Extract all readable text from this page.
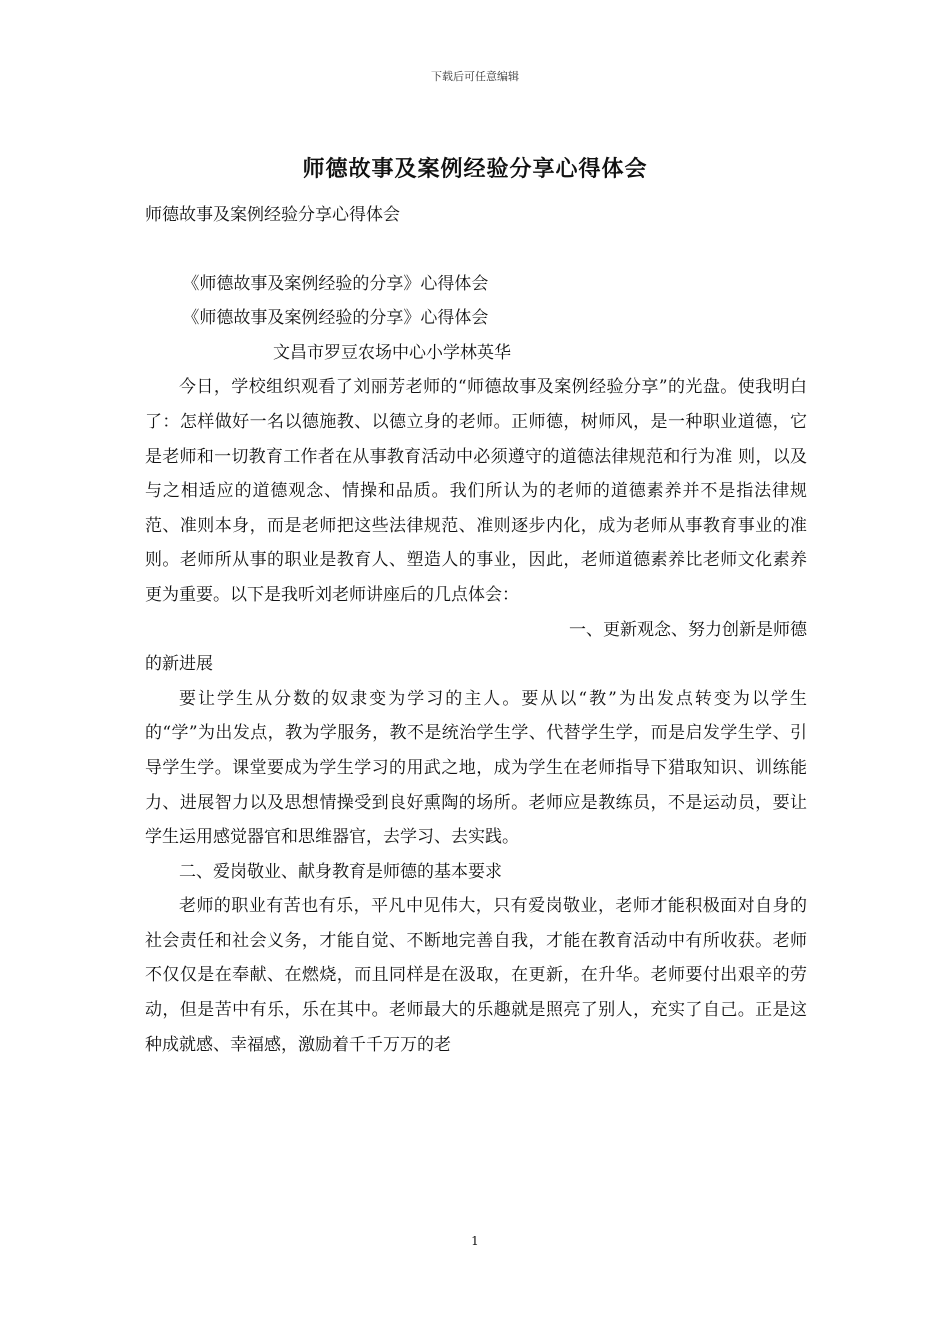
下载后可任意编辑
师德故事及案例经验分享心得体会

师德故事及案例经验分享心得体会

《师德故事及案例经验的分享》心得体会

《师德故事及案例经验的分享》心得体会

文昌市罗豆农场中心小学林英华

今日，学校组织观看了刘丽芳老师的“师德故事及案例经验分享”的光盘。使我明白了：怎样做好一名以德施教、以德立身的老师。正师德，树师风，是一种职业道德，它是老师和一切教育工作者在从事教育活动中必须遵守的道德法律规范和行为准 则，以及与之相适应的道德观念、情操和品质。我们所认为的老师的道德素养并不是指法律规范、准则本身，而是老师把这些法律规范、准则逐步内化，成为老师从事教育事业的准则。老师所从事的职业是教育人、塑造人的事业，因此，老师道德素养比老师文化素养更为重要。以下是我听刘老师讲座后的几点体会：

一、更新观念、努力创新是师德

的新进展

要让学生从分数的奴隶变为学习的主人。要从以“教”为出发点转变为以学生的“学”为出发点，教为学服务，教不是统治学生学、代替学生学，而是启发学生学、引导学生学。课堂要成为学生学习的用武之地，成为学生在老师指导下猎取知识、训练能力、进展智力以及思想情操受到良好熏陶的场所。老师应是教练员，不是运动员，要让学生运用感觉器官和思维器官，去学习、去实践。

二、爱岗敬业、献身教育是师德的基本要求

老师的职业有苦也有乐，平凡中见伟大，只有爱岗敬业，老师才能积极面对自身的社会责任和社会义务，才能自觉、不断地完善自我，才能在教育活动中有所收获。老师不仅仅是在奉献、在燃烧，而且同样是在汲取，在更新，在升华。老师要付出艰辛的劳动，但是苦中有乐，乐在其中。老师最大的乐趣就是照亮了别人，充实了自己。正是这种成就感、幸福感，激励着千千万万的老

1
